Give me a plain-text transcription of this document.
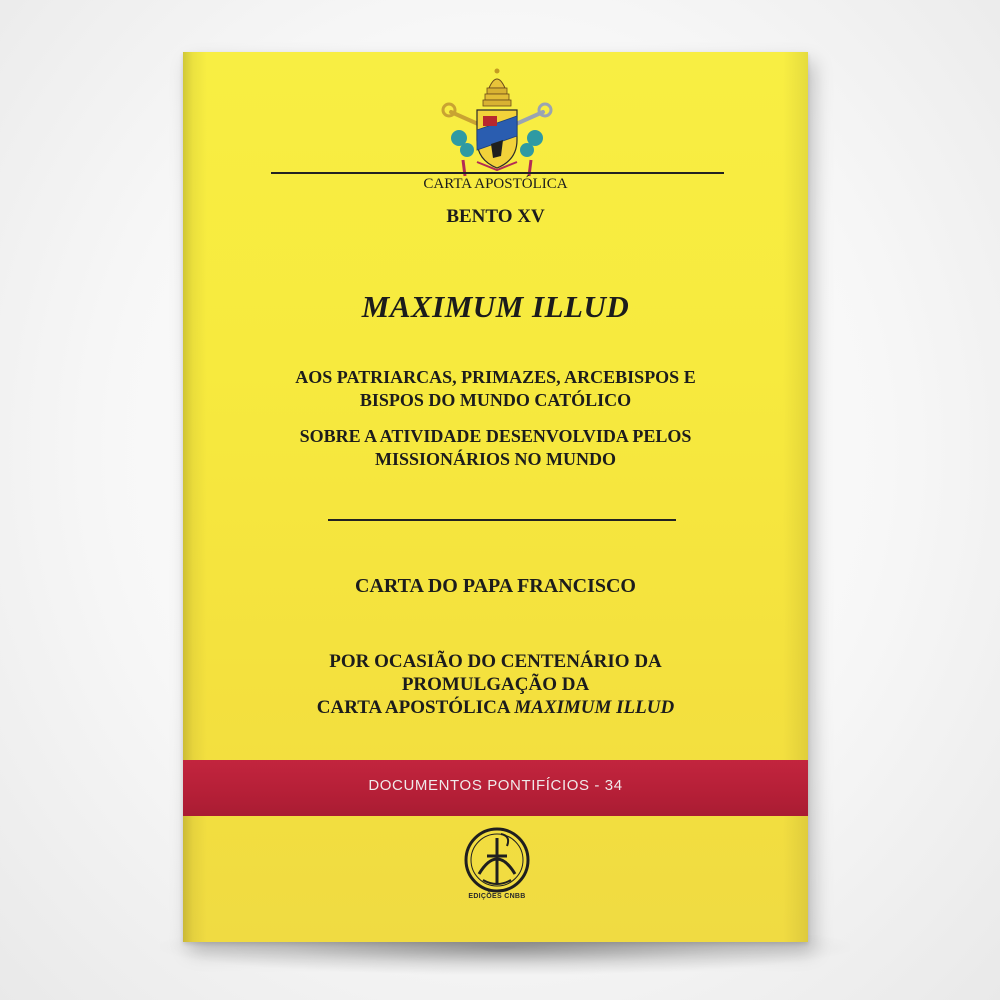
CARTA APOSTÓLICA
BENTO XV
MAXIMUM ILLUD
AOS PATRIARCAS, PRIMAZES, ARCEBISPOS E
BISPOS DO MUNDO CATÓLICO
SOBRE A ATIVIDADE DESENVOLVIDA PELOS
MISSIONÁRIOS NO MUNDO
CARTA DO PAPA FRANCISCO
POR OCASIÃO DO CENTENÁRIO DA
PROMULGAÇÃO DA
CARTA APOSTÓLICA MAXIMUM ILLUD
DOCUMENTOS PONTIFÍCIOS - 34
EDIÇÕES CNBB
